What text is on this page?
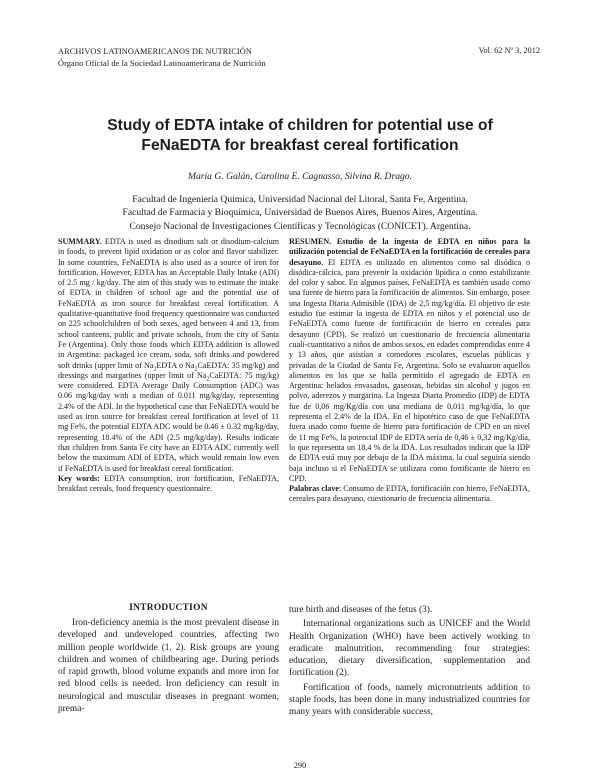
ARCHIVOS LATINOAMERICANOS DE NUTRICIÓN
Órgano Oficial de la Sociedad Latinoamericana de Nutrición
Vol. 62 Nº 3, 2012
Study of EDTA intake of children for potential use of
FeNaEDTA for breakfast cereal fortification
María G. Galán, Carolina E. Cagnasso, Silvina R. Drago.
Facultad de Ingeniería Química, Universidad Nacional del Litoral, Santa Fe, Argentina.
Facultad de Farmacia y Bioquímica, Universidad de Buenos Aires, Buenos Aires, Argentina.
Consejo Nacional de Investigaciones Científicas y Tecnológicas (CONICET). Argentina.
SUMMARY. EDTA is used as disodium salt or disodium-calcium in foods, to prevent lipid oxidation or as color and flavor stabilizer. In some countries, FeNaEDTA is also used as a source of iron for fortification. However, EDTA has an Acceptable Daily Intake (ADI) of 2.5 mg / kg/day. The aim of this study was to estimate the intake of EDTA in children of school age and the potential use of FeNaEDTA as iron source for breakfast cereal fortification. A qualitative-quantitative food frequency questionnaire was conducted on 225 schoolchildren of both sexes, aged between 4 and 13, from school canteens, public and private schools, from the city of Santa Fe (Argentina). Only those foods which EDTA addition is allowed in Argentina: packaged ice cream, soda, soft drinks and powdered soft drinks (upper limit of $Na_2EDTA$ o $Na_2CaEDTA$: 35 mg/kg) and dressings and margarines (upper limit of $Na_2CaEDTA$: 75 mg/kg) were considered. EDTA Average Daily Consumption (ADC) was 0.06 mg/kg/day with a median of 0.011 mg/kg/day, representing 2.4% of the ADI. In the hypothetical case that FeNaEDTA would be used as iron source for breakfast cereal fortification at level of 11 mg Fe%, the potential EDTA ADC would be 0.46 ± 0.32 mg/kg/day, representing 18.4% of the ADI (2.5 mg/kg/day). Results indicate that children from Santa Fe city have an EDTA ADC currently well below the maximum ADI of EDTA, which would remain low even if FeNaEDTA is used for breakfast cereal fortification.
Key words: EDTA consumption, iron fortification, FeNaEDTA, breakfast cereals, food frequency questionnaire.
RESUMEN. Estudio de la ingesta de EDTA en niños para la utilización potencial de FeNaEDTA en la fortificación de cereales para desayuno. El EDTA es utilizado en alimentos como sal disódica o disódica-cálcica, para prevenir la oxidación lipídica o como estabilizante del color y sabor. En algunos países, FeNaEDTA es también usado como una fuente de hierro para la fortificación de alimentos. Sin embargo, posee una Ingesta Diaria Admisible (IDA) de 2,5 mg/kg/día. El objetivo de este estudio fue estimar la ingesta de EDTA en niños y el potencial uso de FeNaEDTA como fuente de fortificación de hierro en cereales para desayuno (CPD). Se realizó un cuestionario de frecuencia alimentaria cuali-cuantitativo a niños de ambos sexos, en edades comprendidas entre 4 y 13 años, que asistían a comedores escolares, escuelas públicas y privadas de la Ciudad de Santa Fe, Argentina. Solo se evaluaron aquellos alimentos en los que se halla permitido el agregado de EDTA en Argentina: helados envasados, gaseosas, bebidas sin alcohol y jugos en polvo, aderezos y margarina. La Ingesta Diaria Promedio (IDP) de EDTA fue de 0,06 mg/Kg/día con una mediana de 0,011 mg/kg/día, lo que representa el 2,4% de la IDA. En el hipotético caso de que FeNaEDTA fuera usado como fuente de hierro para fortificación de CPD en un nivel de 11 mg Fe%, la potencial IDP de EDTA sería de 0,46 ± 0,32 mg/Kg/día, lo que representa un 18,4 % de la IDA. Los resultados indican que la IDP de EDTA está muy por debajo de la IDA máxima, la cual seguiría siendo baja incluso si el FeNaEDTA se utilizara como fortificante de hierro en CPD.
Palabras clave: Consumo de EDTA, fortificación con hierro, FeNaEDTA, cereales para desayuno, cuestionario de frecuencia alimentaria.
INTRODUCTION

Iron-deficiency anemia is the most prevalent disease in developed and undeveloped countries, affecting two million people worldwide (1, 2). Risk groups are young children and women of childbearing age. During periods of rapid growth, blood volume expands and more iron for red blood cells is needed. Iron deficiency can result in neurological and muscular diseases in pregnant women, prema-

ture birth and diseases of the fetus (3).

International organizations such as UNICEF and the World Health Organization (WHO) have been actively working to eradicate malnutrition, recommending four strategies: education, dietary diversification, supplementation and fortification (2).

Fortification of foods, namely micronutrients addition to staple foods, has been done in many industrialized countries for many years with considerable success,

290
